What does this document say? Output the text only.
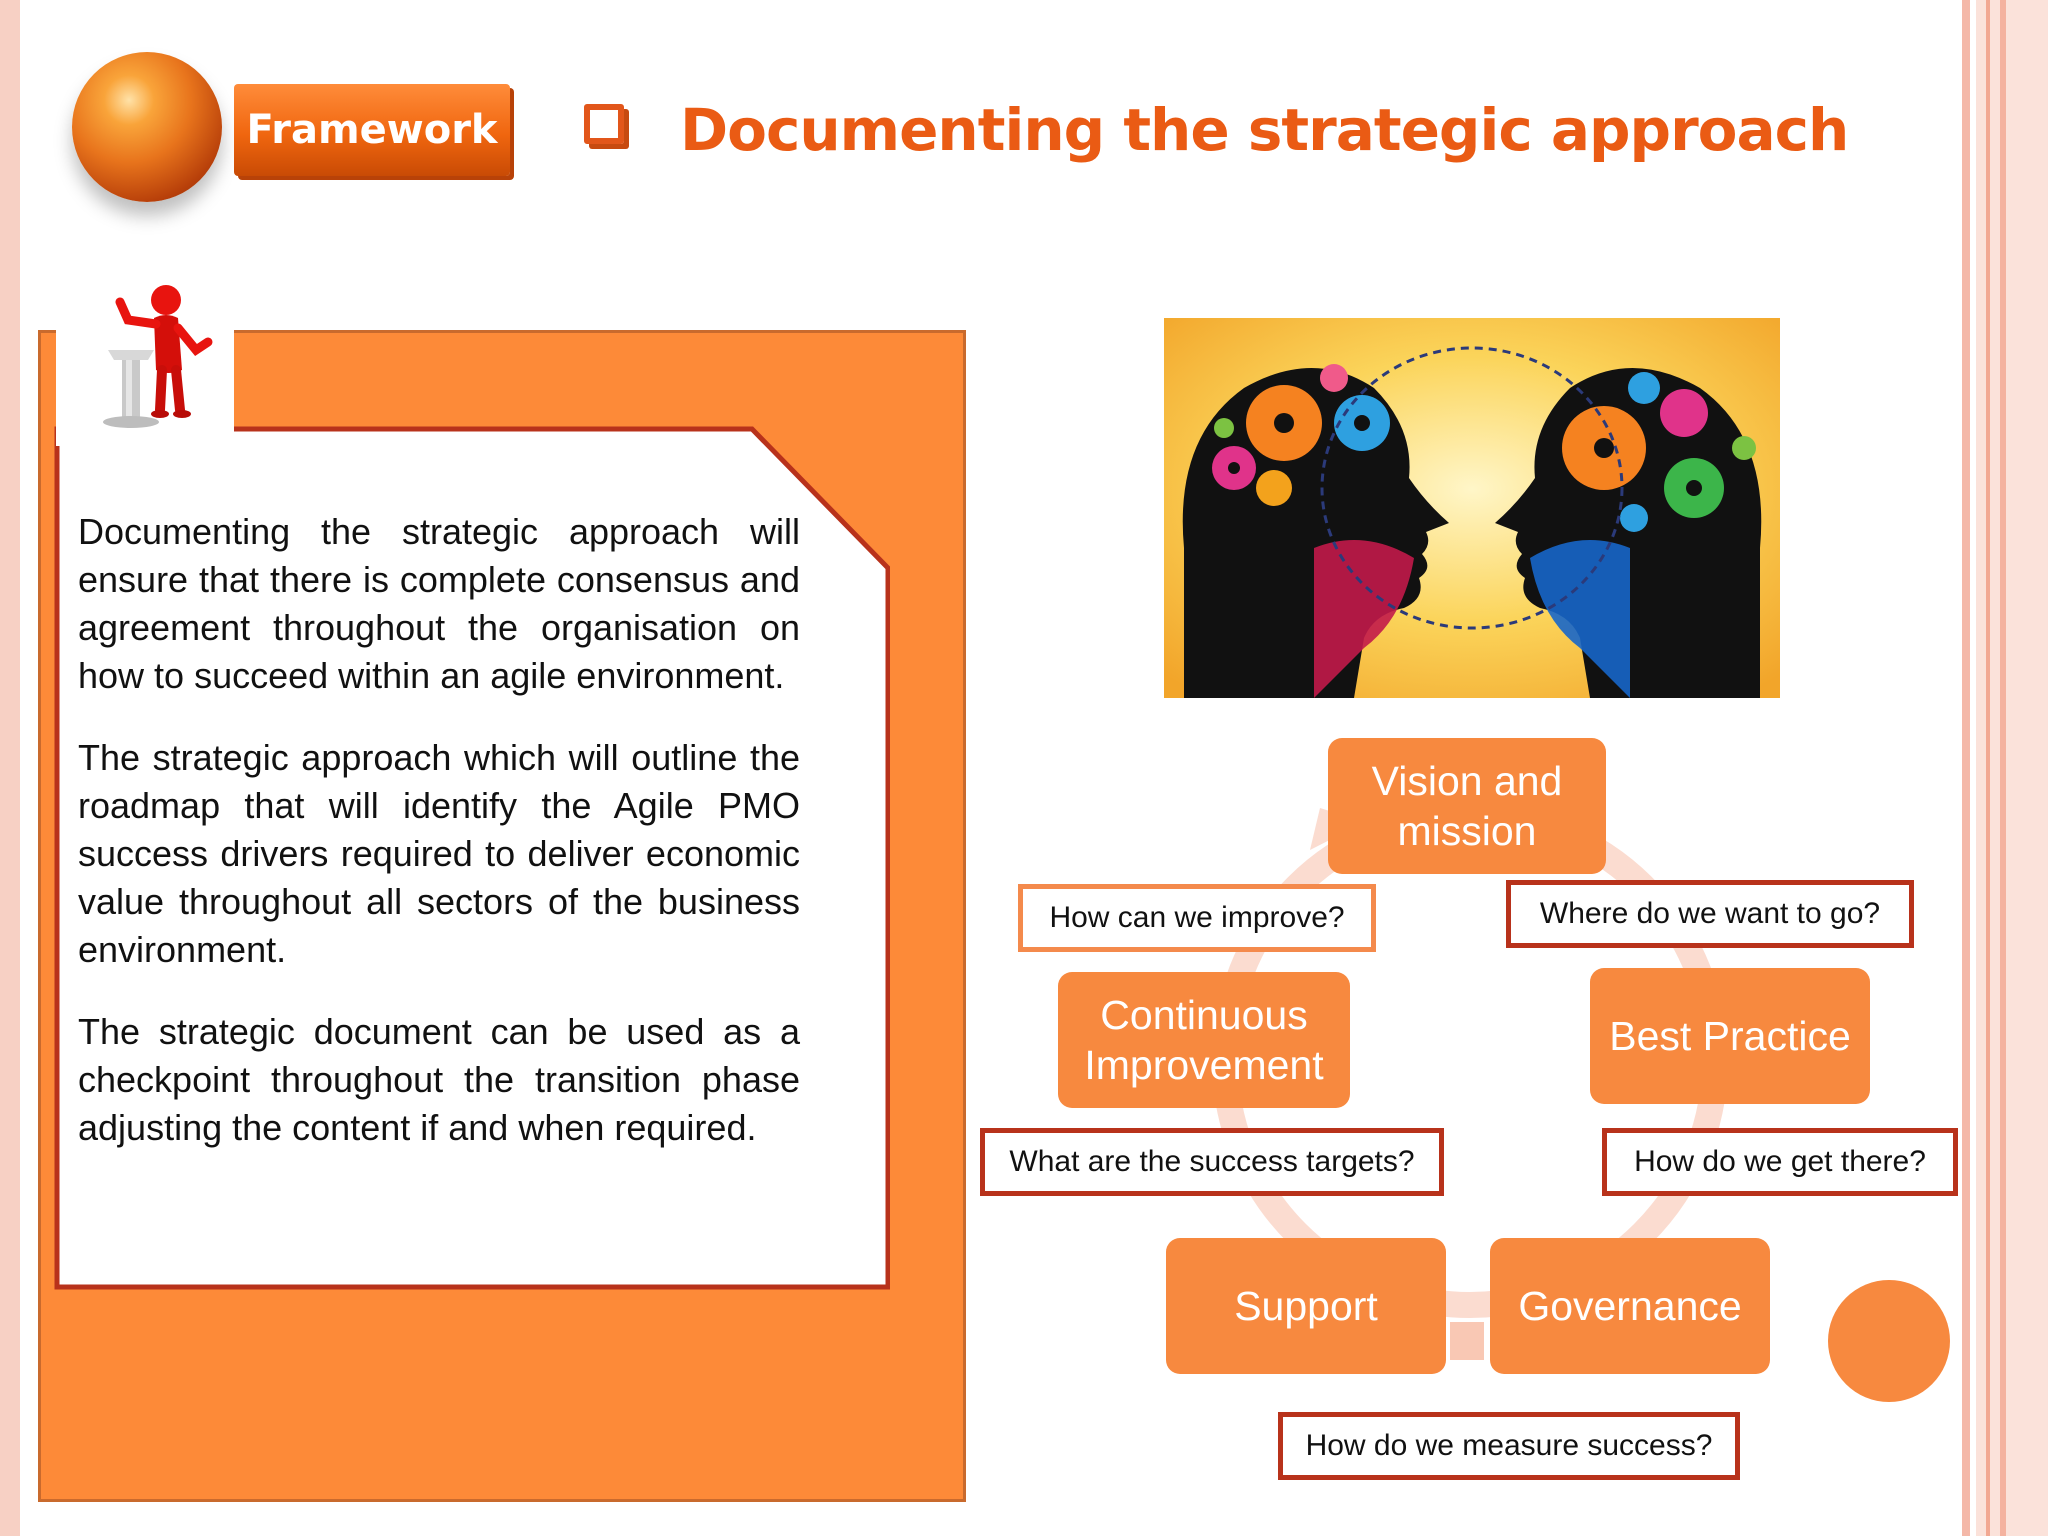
Framework	Documenting the strategic approach

Documenting the strategic approach will ensure that there is complete consensus and agreement throughout the organisation on how to succeed within an agile environment.

The strategic approach which will outline the roadmap that will identify the Agile PMO success drivers required to deliver economic value throughout all sectors of the business environment.

The strategic document can be used as a checkpoint throughout the transition phase adjusting the content if and when required.

Vision and mission
Best Practice
Governance
Support
Continuous Improvement
How can we improve?	Where do we want to go?
What are the success targets?	How do we get there?
How do we measure success?
